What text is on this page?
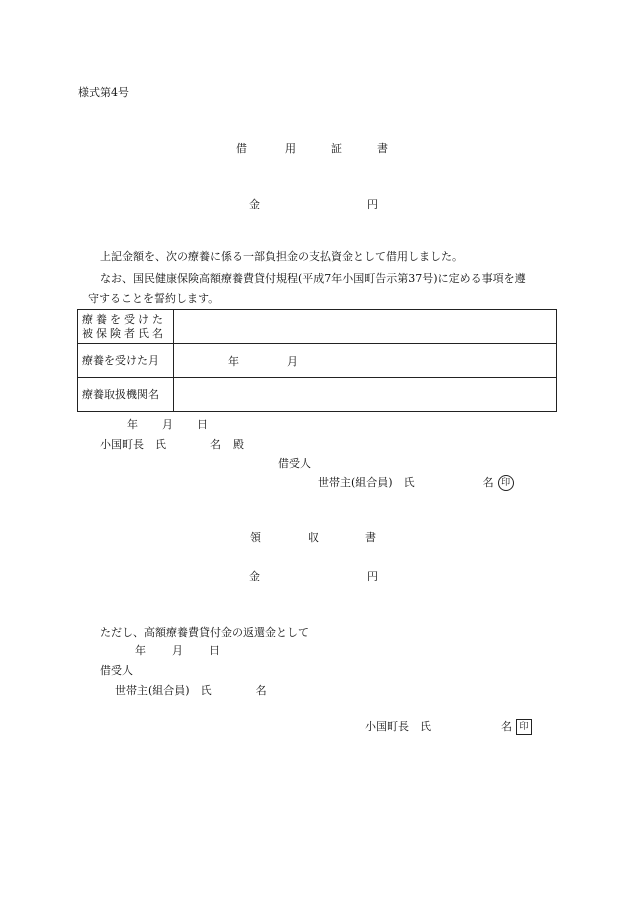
様式第4号
借	用	証	書
金	円
上記金額を、次の療養に係る一部負担金の支払資金として借用しました。
なお、国民健康保険高額療養費貸付規程(平成7年小国町告示第37号)に定める事項を遵
守することを誓約します。
療養を受けた
被保険者氏名	

療養を受けた月	年 月
療養取扱機関名	
年 月 日
小国町長　氏	名 殿
借受人
世帯主(組合員)　氏	名 印
領	収	書
金	円
ただし、高額療養費貸付金の返還金として
年 月 日
借受人
世帯主(組合員)　氏	名
小国町長　氏	名 印
